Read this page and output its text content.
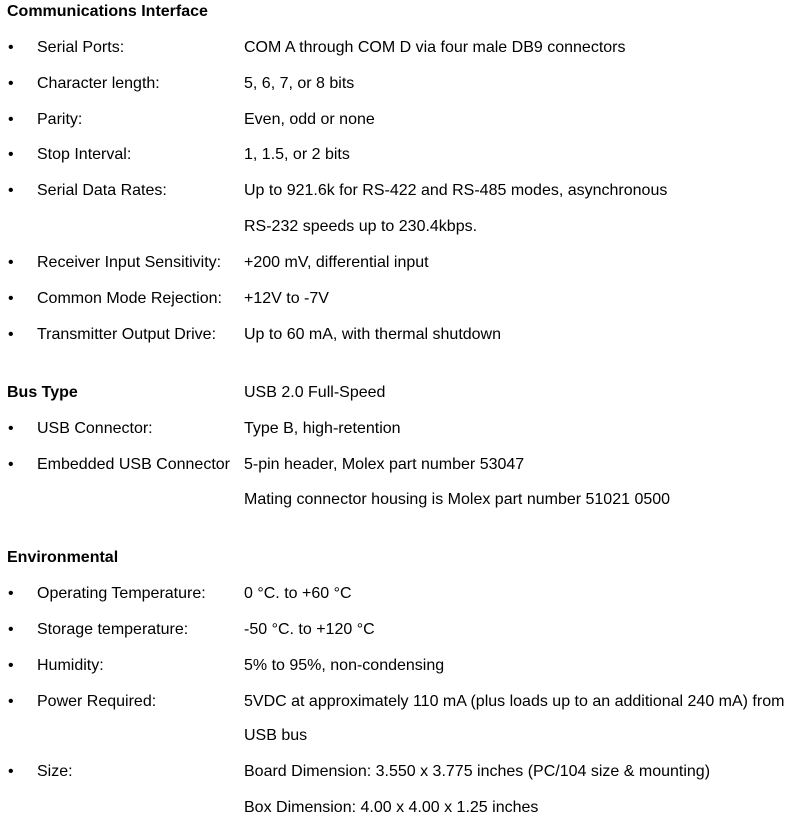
Communications Interface
• Serial Ports:	COM A through COM D via four male DB9 connectors
• Character length:	5, 6, 7, or 8 bits
• Parity:	Even, odd or none
• Stop Interval:	1, 1.5, or 2 bits
• Serial Data Rates:	Up to 921.6k for RS-422 and RS-485 modes, asynchronous
RS-232 speeds up to 230.4kbps.
• Receiver Input Sensitivity: +200 mV, differential input
• Common Mode Rejection: +12V to -7V
• Transmitter Output Drive: Up to 60 mA, with thermal shutdown
Bus Type	USB 2.0 Full-Speed
• USB Connector:	Type B, high-retention
• Embedded USB Connector 5-pin header, Molex part number 53047
Mating connector housing is Molex part number 51021 0500
Environmental
• Operating Temperature: 0 °C. to +60 °C
• Storage temperature:	-50 °C. to +120 °C
• Humidity:	5% to 95%, non-condensing
• Power Required:	5VDC at approximately 110 mA (plus loads up to an additional 240 mA) from
USB bus
• Size:	Board Dimension: 3.550 x 3.775 inches (PC/104 size & mounting)
Box Dimension: 4.00 x 4.00 x 1.25 inches
